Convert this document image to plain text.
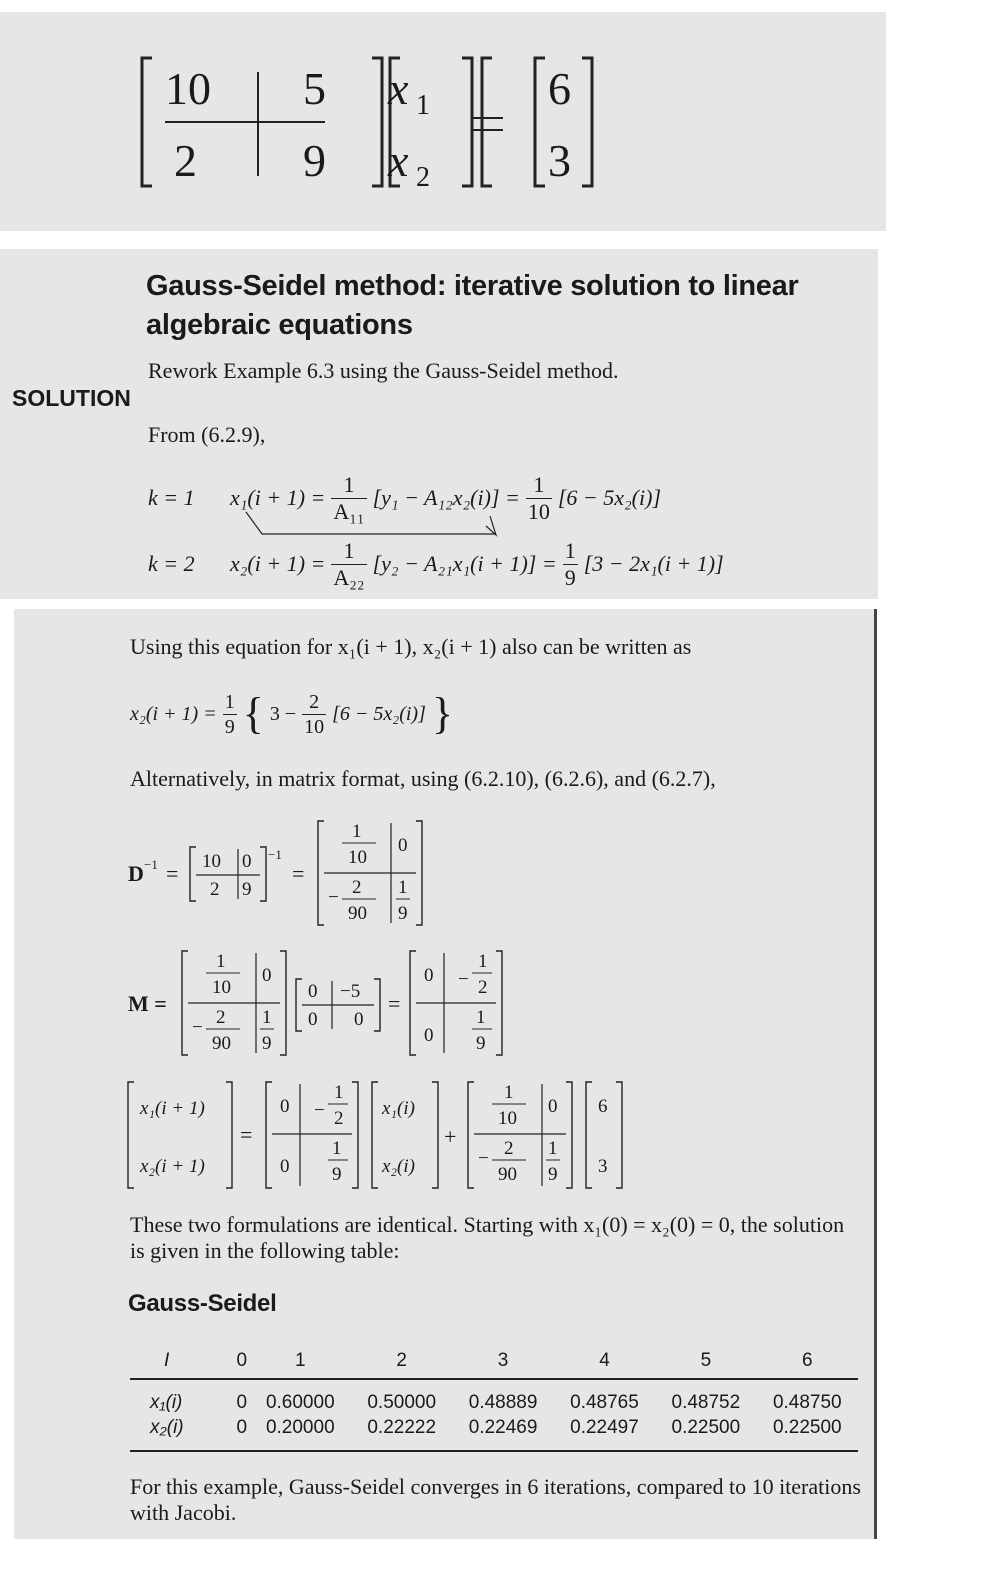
10 5
2 9
x 1
x 2
6
3
Gauss-Seidel method: iterative solution to linear
algebraic equations
Rework Example 6.3 using the Gauss-Seidel method.
SOLUTION
From (6.2.9),
k = 1	$x_1(i + 1) = \frac{1}{\text{A₁₁}} [y_1 - A_{12}x_2(i)] = \frac{1}{10} [6 - 5x_2(i)]$
k = 2	$x_2(i + 1) = \frac{1}{\text{A₂₂}} [y_2 - A_{21}x_1(i + 1)] = \frac{1}{9} [3 - 2x_1(i + 1)]$
Using this equation for x₁(i + 1), x₂(i + 1) also can be written as
$x_2(i + 1) = \frac{1}{9}$ { $3 - \frac{2}{10} [6 - 5x_2(i)]$ }
Alternatively, in matrix format, using (6.2.10), (6.2.6), and (6.2.7),
D −1 = 10 0
2 9
−1
=
1
10
0
− 2
90
1
9
M =
1
10
0
− 2
90
1
9
0 −5
0 0
=
0 −
1
2
0
1
9
x₁(i + 1)
x₂(i + 1)
=
0 −
1
2
0
1
9
x₁(i)
x₂(i)
+
1
10
0
− 2
90
1
9
6
3
These two formulations are identical. Starting with x₁(0) = x₂(0) = 0, the solution
is given in the following table:
Gauss-Seidel
I	0	1	2	3	4	5	6
x₁(i)	0	0.60000	0.50000	0.48889	0.48765	0.48752	0.48750
x₂(i)	0	0.20000	0.22222	0.22469	0.22497	0.22500	0.22500
For this example, Gauss-Seidel converges in 6 iterations, compared to 10 iterations
with Jacobi.
